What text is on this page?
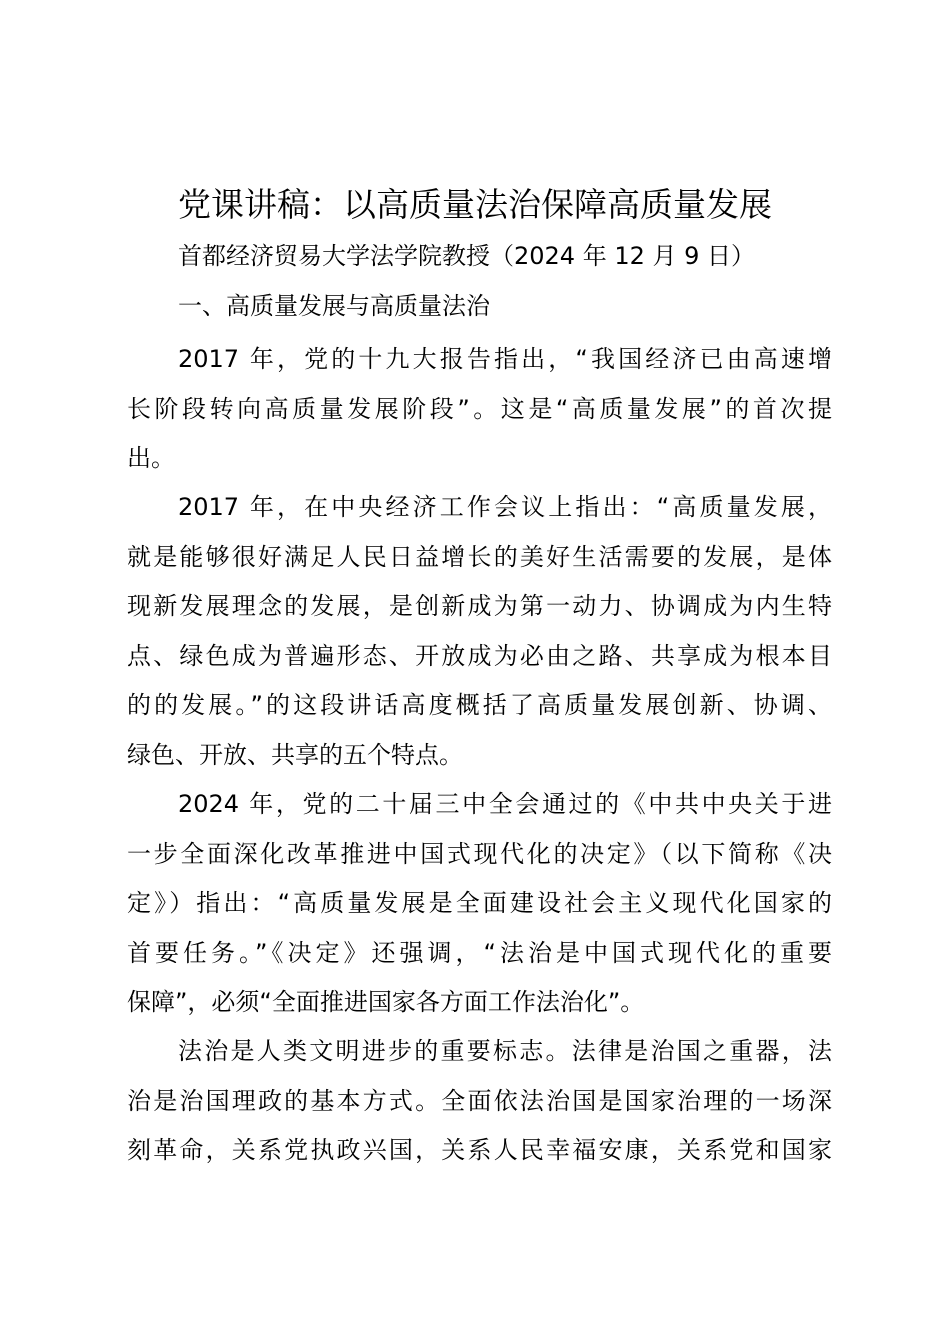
党课讲稿：以高质量法治保障高质量发展
首都经济贸易大学法学院教授（2024 年 12 月 9 日）
一、高质量发展与高质量法治
2017 年，党的十九大报告指出，“我国经济已由高速增
长阶段转向高质量发展阶段”。这是“高质量发展”的首次提
出。
2017 年，在中央经济工作会议上指出：“高质量发展，
就是能够很好满足人民日益增长的美好生活需要的发展，是体
现新发展理念的发展，是创新成为第一动力、协调成为内生特
点、绿色成为普遍形态、开放成为必由之路、共享成为根本目
的的发展。”的这段讲话高度概括了高质量发展创新、协调、
绿色、开放、共享的五个特点。
2024 年，党的二十届三中全会通过的《中共中央关于进
一步全面深化改革推进中国式现代化的决定》（以下简称《决
定》）指出：“高质量发展是全面建设社会主义现代化国家的
首要任务。”《决定》还强调，“法治是中国式现代化的重要
保障”，必须“全面推进国家各方面工作法治化”。
法治是人类文明进步的重要标志。法律是治国之重器，法
治是治国理政的基本方式。全面依法治国是国家治理的一场深
刻革命，关系党执政兴国，关系人民幸福安康，关系党和国家
